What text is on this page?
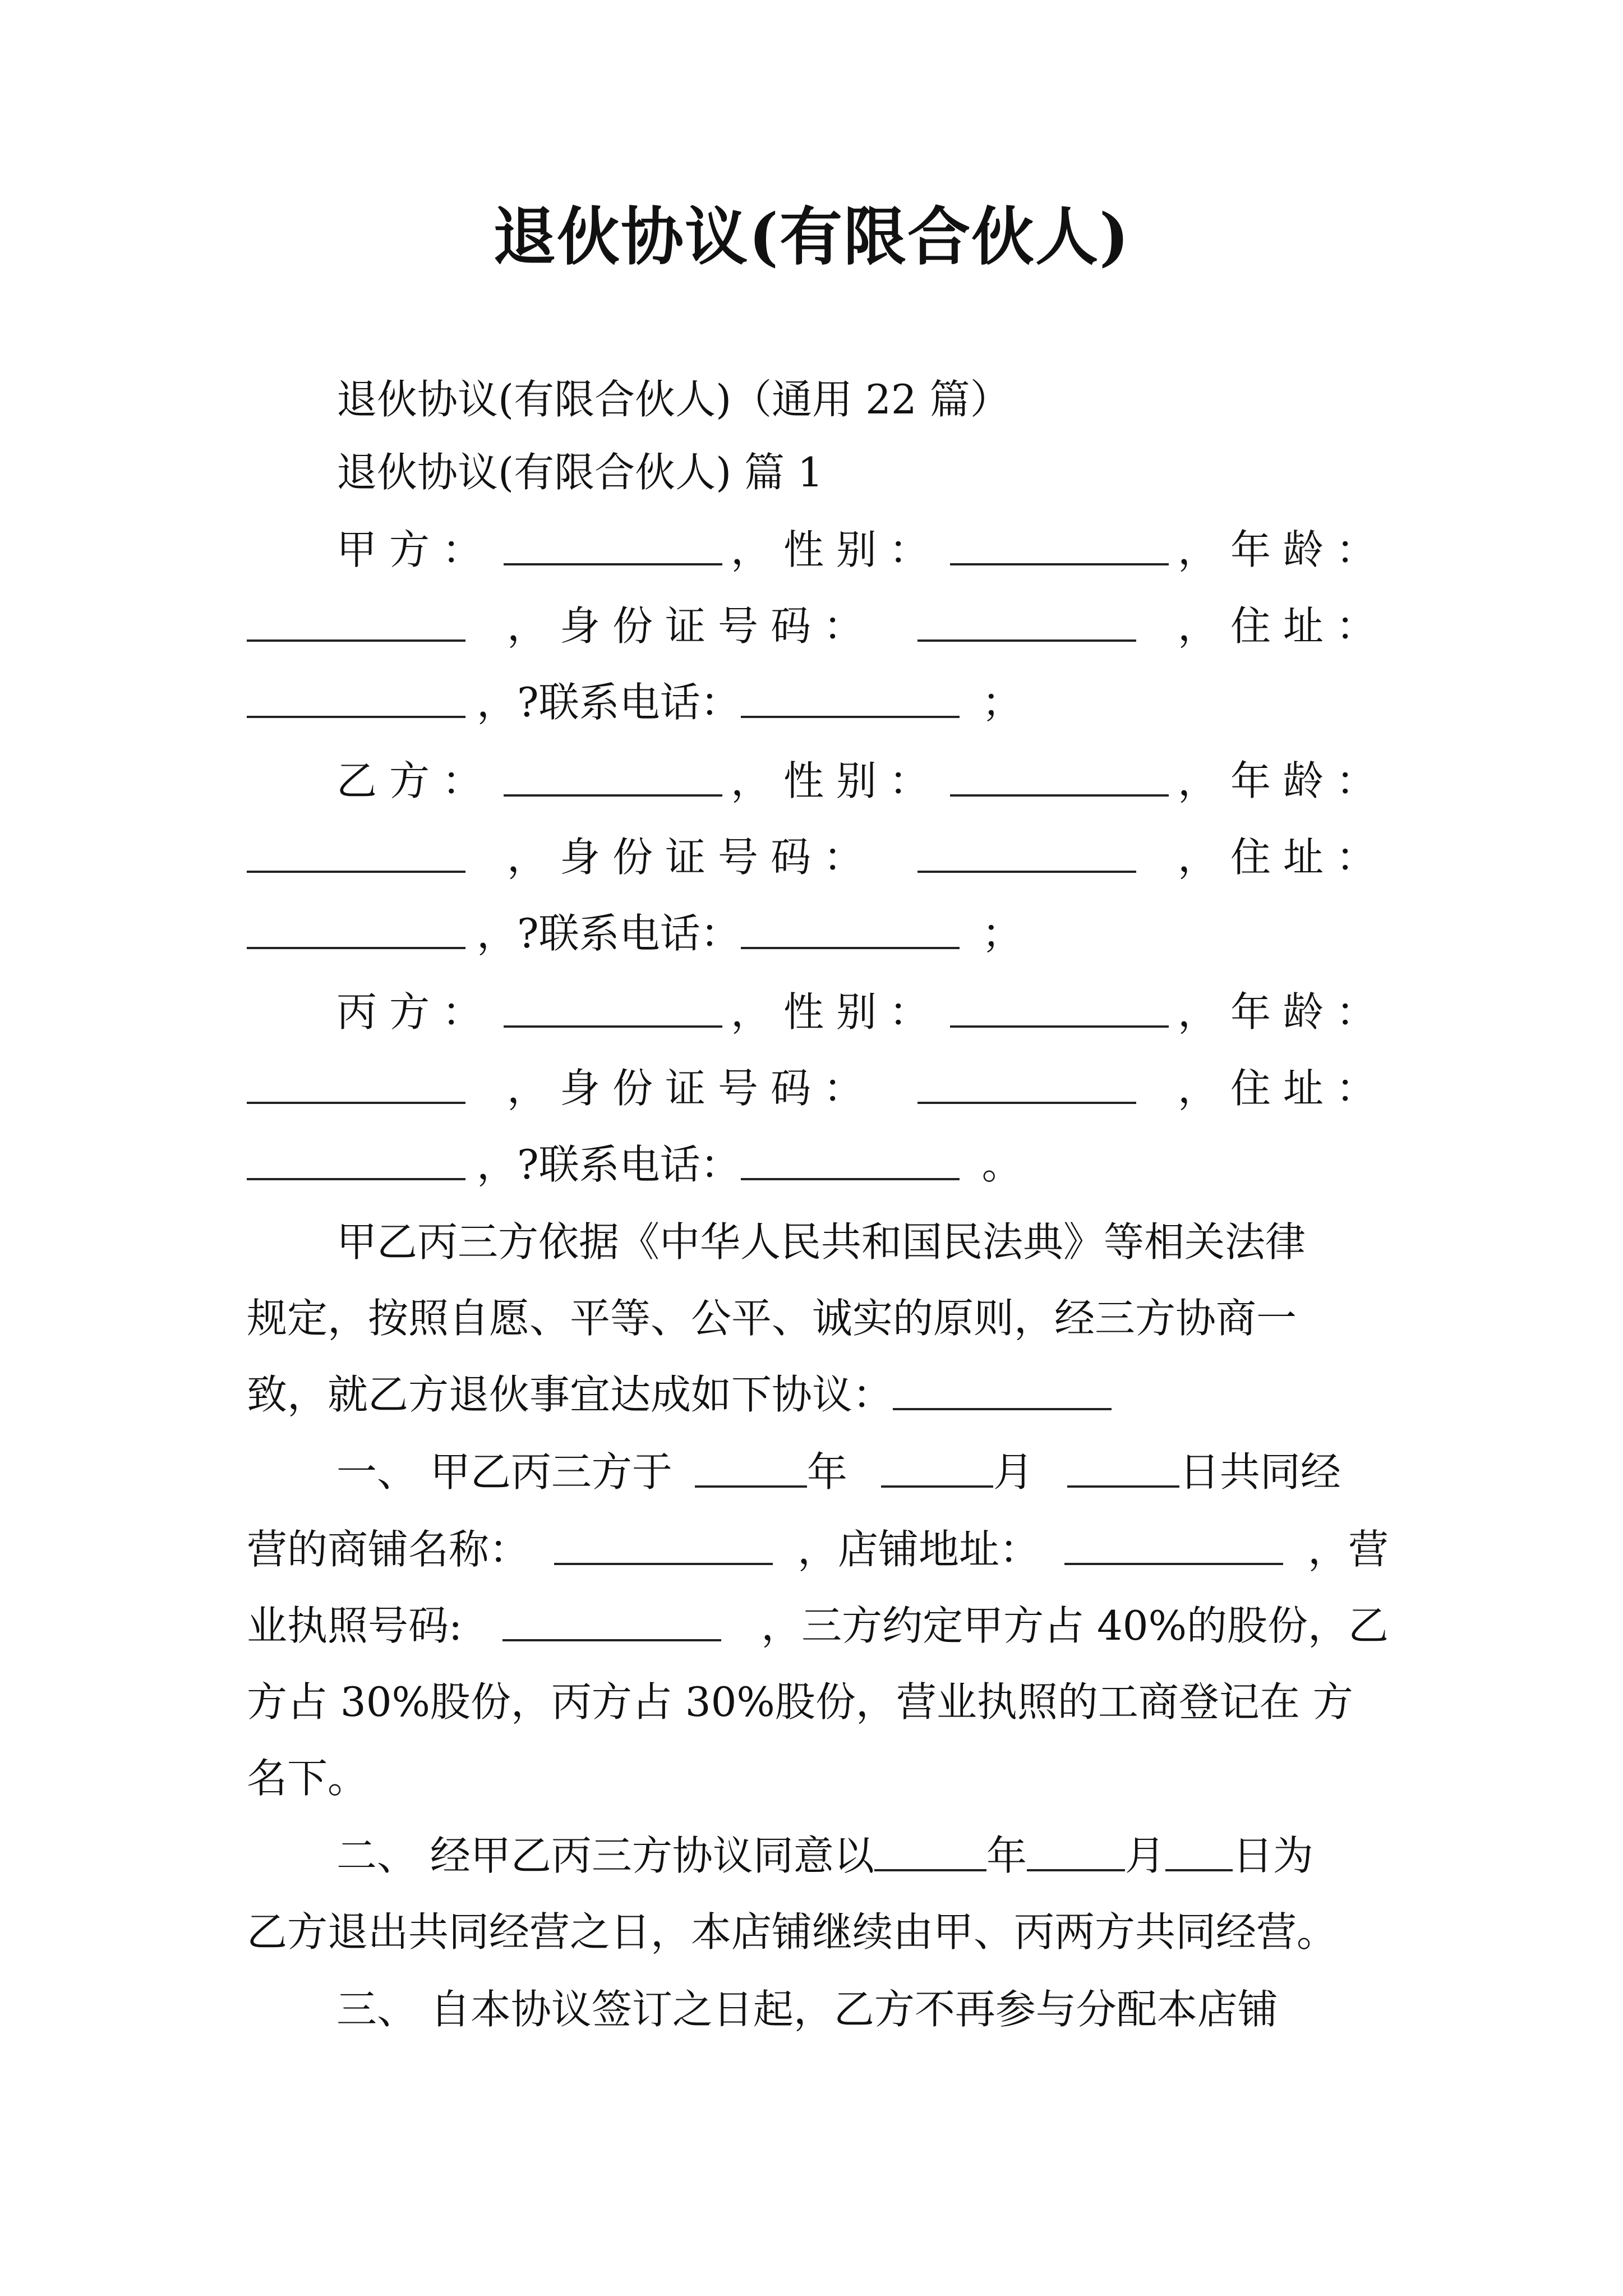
退伙协议(有限合伙人)
退伙协议(有限合伙人)（通用 22 篇）
退伙协议(有限合伙人) 篇 1
甲方：	，性别：	，年龄：
，身份证号码：	，住址：
，?联系电话：	；
乙方：	，性别：	，年龄：
，身份证号码：	，住址：
，?联系电话：	；
丙方：	，性别：	，年龄：
，身份证号码：	，住址：
，?联系电话：	。
甲乙丙三方依据《中华人民共和国民法典》等相关法律
规定，按照自愿、平等、公平、诚实的原则，经三方协商一
致，就乙方退伙事宜达成如下协议：
一、 甲乙丙三方于	年	月	日共同经
营的商铺名称：	，店铺地址：	，营
业执照号码:	，三方约定甲方占 40%的股份，乙
方占 30%股份，丙方占 30%股份，营业执照的工商登记在 方
名下。
二、 经甲乙丙三方协议同意以	年 月 日为
乙方退出共同经营之日，本店铺继续由甲、丙两方共同经营。
三、 自本协议签订之日起，乙方不再参与分配本店铺
